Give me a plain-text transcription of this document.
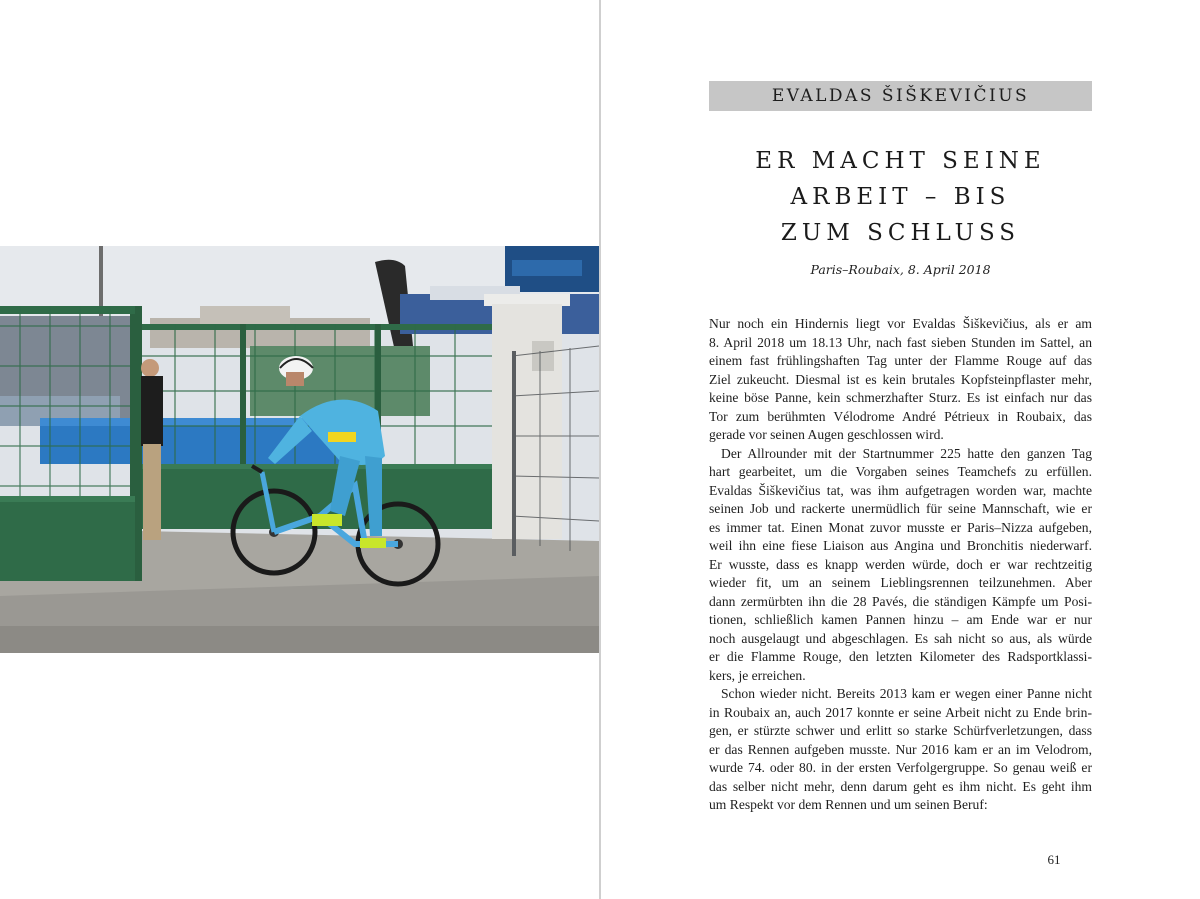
EVALDAS ŠIŠKEVIČIUS
ER MACHT SEINE
ARBEIT – BIS
ZUM SCHLUSS
Paris–Roubaix, 8. April 2018
Nur noch ein Hindernis liegt vor Evaldas Šiškevičius, als er am
8. April 2018 um 18.13 Uhr, nach fast sieben Stunden im Sattel, an
einem fast frühlingshaften Tag unter der Flamme Rouge auf das
Ziel zukeucht. Diesmal ist es kein brutales Kopfsteinpflaster mehr,
keine böse Panne, kein schmerzhafter Sturz. Es ist einfach nur das
Tor zum berühmten Vélodrome André Pétrieux in Roubaix, das
gerade vor seinen Augen geschlossen wird.
Der Allrounder mit der Startnummer 225 hatte den ganzen Tag
hart gearbeitet, um die Vorgaben seines Teamchefs zu erfüllen.
Evaldas Šiškevičius tat, was ihm aufgetragen worden war, machte
seinen Job und rackerte unermüdlich für seine Mannschaft, wie er
es immer tat. Einen Monat zuvor musste er Paris–Nizza aufgeben,
weil ihn eine fiese Liaison aus Angina und Bronchitis niederwarf.
Er wusste, dass es knapp werden würde, doch er war rechtzeitig
wieder fit, um an seinem Lieblingsrennen teilzunehmen. Aber
dann zermürbten ihn die 28 Pavés, die ständigen Kämpfe um Posi-
tionen, schließlich kamen Pannen hinzu – am Ende war er nur
noch ausgelaugt und abgeschlagen. Es sah nicht so aus, als würde
er die Flamme Rouge, den letzten Kilometer des Radsportklassi-
kers, je erreichen.
Schon wieder nicht. Bereits 2013 kam er wegen einer Panne nicht
in Roubaix an, auch 2017 konnte er seine Arbeit nicht zu Ende brin-
gen, er stürzte schwer und erlitt so starke Schürfverletzungen, dass
er das Rennen aufgeben musste. Nur 2016 kam er an im Velodrom,
wurde 74. oder 80. in der ersten Verfolgergruppe. So genau weiß er
das selber nicht mehr, denn darum geht es ihm nicht. Es geht ihm
um Respekt vor dem Rennen und um seinen Beruf:
61
